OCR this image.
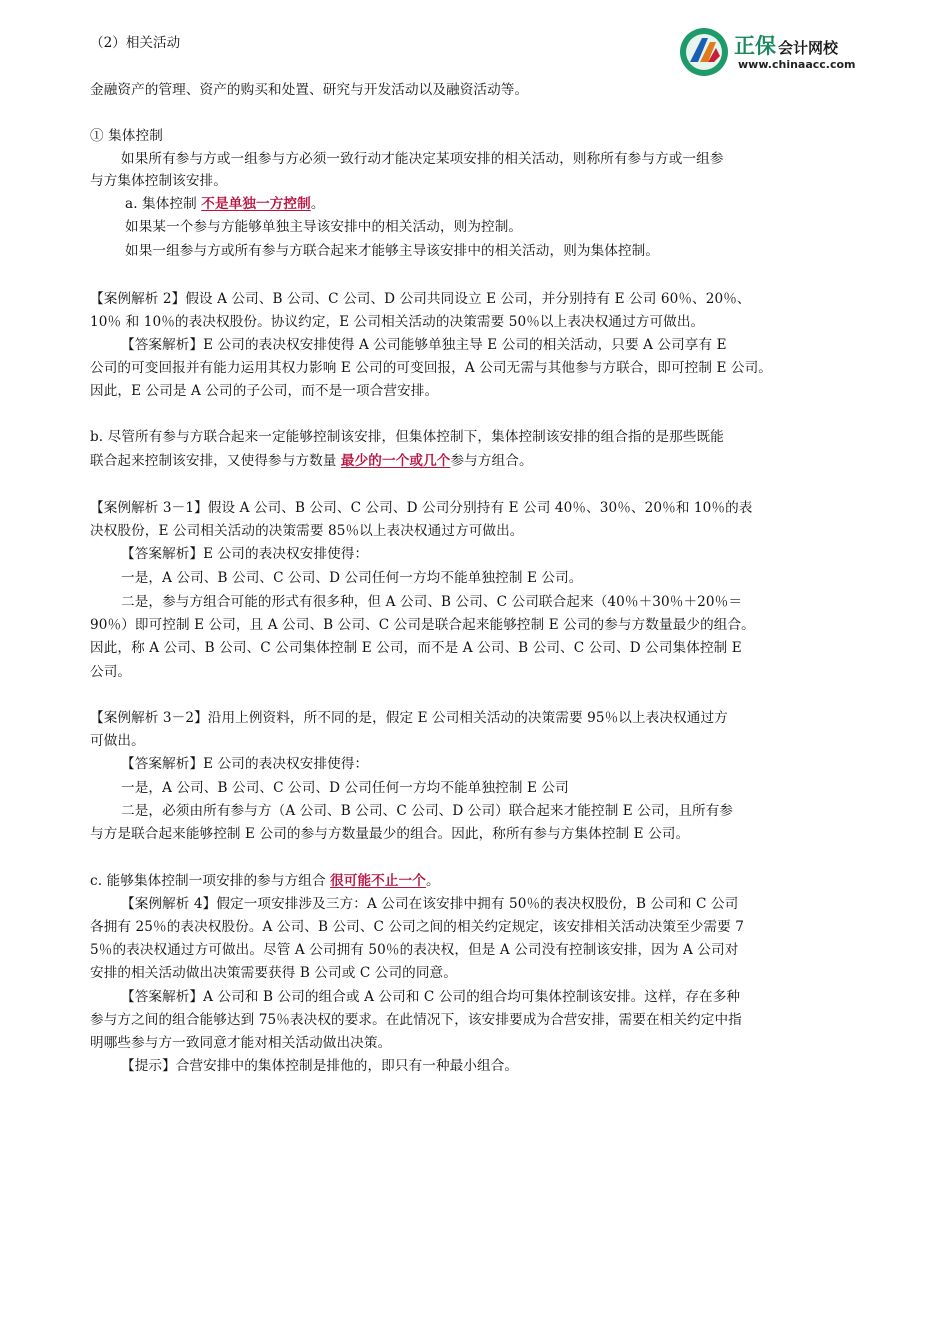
（2）相关活动	正保 会计网校
www.chinaacc.com
金融资产的管理、资产的购买和处置、研究与开发活动以及融资活动等。
① 集体控制
如果所有参与方或一组参与方必须一致行动才能决定某项安排的相关活动，则称所有参与方或一组参
与方集体控制该安排。
a. 集体控制 不是单独一方控制。
如果某一个参与方能够单独主导该安排中的相关活动，则为控制。
如果一组参与方或所有参与方联合起来才能够主导该安排中的相关活动，则为集体控制。
【案例解析 2】假设 A 公司、B 公司、C 公司、D 公司共同设立 E 公司，并分别持有 E 公司 60％、20％、
10％ 和 10％的表决权股份。协议约定，E 公司相关活动的决策需要 50％以上表决权通过方可做出。
【答案解析】E 公司的表决权安排使得 A 公司能够单独主导 E 公司的相关活动，只要 A 公司享有 E
公司的可变回报并有能力运用其权力影响 E 公司的可变回报，A 公司无需与其他参与方联合，即可控制 E 公司。
因此，E 公司是 A 公司的子公司，而不是一项合营安排。
b. 尽管所有参与方联合起来一定能够控制该安排，但集体控制下，集体控制该安排的组合指的是那些既能
联合起来控制该安排，又使得参与方数量 最少的一个或几个参与方组合。
【案例解析 3－1】假设 A 公司、B 公司、C 公司、D 公司分别持有 E 公司 40％、30％、20％和 10％的表
决权股份，E 公司相关活动的决策需要 85％以上表决权通过方可做出。
【答案解析】E 公司的表决权安排使得：
一是，A 公司、B 公司、C 公司、D 公司任何一方均不能单独控制 E 公司。
二是，参与方组合可能的形式有很多种，但 A 公司、B 公司、C 公司联合起来（40％＋30％＋20％＝
90％）即可控制 E 公司，且 A 公司、B 公司、C 公司是联合起来能够控制 E 公司的参与方数量最少的组合。
因此，称 A 公司、B 公司、C 公司集体控制 E 公司，而不是 A 公司、B 公司、C 公司、D 公司集体控制 E
公司。
【案例解析 3－2】沿用上例资料，所不同的是，假定 E 公司相关活动的决策需要 95％以上表决权通过方
可做出。
【答案解析】E 公司的表决权安排使得：
一是，A 公司、B 公司、C 公司、D 公司任何一方均不能单独控制 E 公司
二是，必须由所有参与方（A 公司、B 公司、C 公司、D 公司）联合起来才能控制 E 公司，且所有参
与方是联合起来能够控制 E 公司的参与方数量最少的组合。因此，称所有参与方集体控制 E 公司。
c. 能够集体控制一项安排的参与方组合 很可能不止一个。
【案例解析 4】假定一项安排涉及三方：A 公司在该安排中拥有 50％的表决权股份，B 公司和 C 公司
各拥有 25％的表决权股份。A 公司、B 公司、C 公司之间的相关约定规定，该安排相关活动决策至少需要 7
5％的表决权通过方可做出。尽管 A 公司拥有 50％的表决权，但是 A 公司没有控制该安排，因为 A 公司对
安排的相关活动做出决策需要获得 B 公司或 C 公司的同意。
【答案解析】A 公司和 B 公司的组合或 A 公司和 C 公司的组合均可集体控制该安排。这样，存在多种
参与方之间的组合能够达到 75％表决权的要求。在此情况下，该安排要成为合营安排，需要在相关约定中指
明哪些参与方一致同意才能对相关活动做出决策。
【提示】合营安排中的集体控制是排他的，即只有一种最小组合。
